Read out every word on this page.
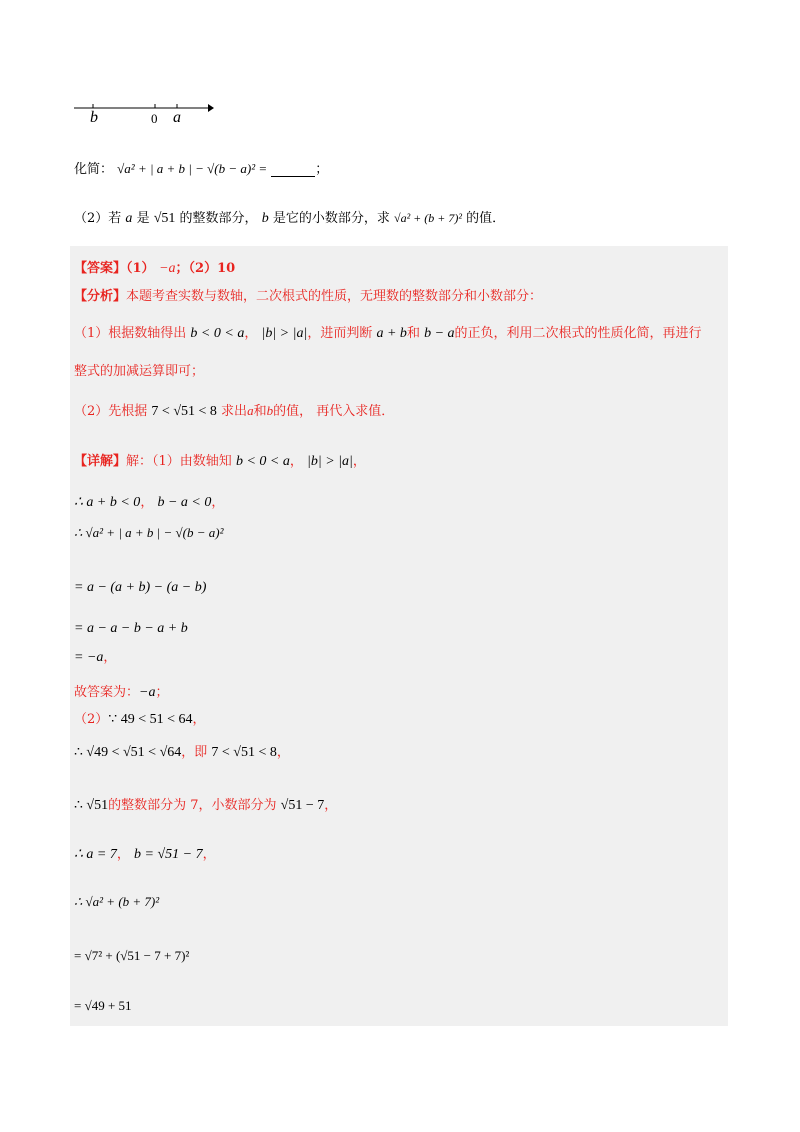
b	0 a
化简： √a² + | a + b | − √(b − a)² =	；
（2）若 a 是 √51 的整数部分， b 是它的小数部分，求 √a² + (b + 7)² 的值．
【答案】（1） −a；（2）10
【分析】本题考查实数与数轴，二次根式的性质，无理数的整数部分和小数部分：
（1）根据数轴得出 b < 0 < a， |b| > |a|，进而判断 a + b和 b − a的正负，利用二次根式的性质化简，再进行
整式的加减运算即可；
（2）先根据 7 < √51 < 8 求出a和b的值， 再代入求值．
【详解】解：（1）由数轴知 b < 0 < a， |b| > |a|，
∴ a + b < 0， b − a < 0，
∴ √a² + | a + b | − √(b − a)²
= a − (a + b) − (a − b)
= a − a − b − a + b
= −a，
故答案为：−a；
（2）∵ 49 < 51 < 64，
∴ √49 < √51 < √64，即 7 < √51 < 8，
∴ √51的整数部分为 7，小数部分为 √51 − 7，
∴ a = 7， b = √51 − 7，
∴ √a² + (b + 7)²
= √7² + (√51 − 7 + 7)²
= √49 + 51
